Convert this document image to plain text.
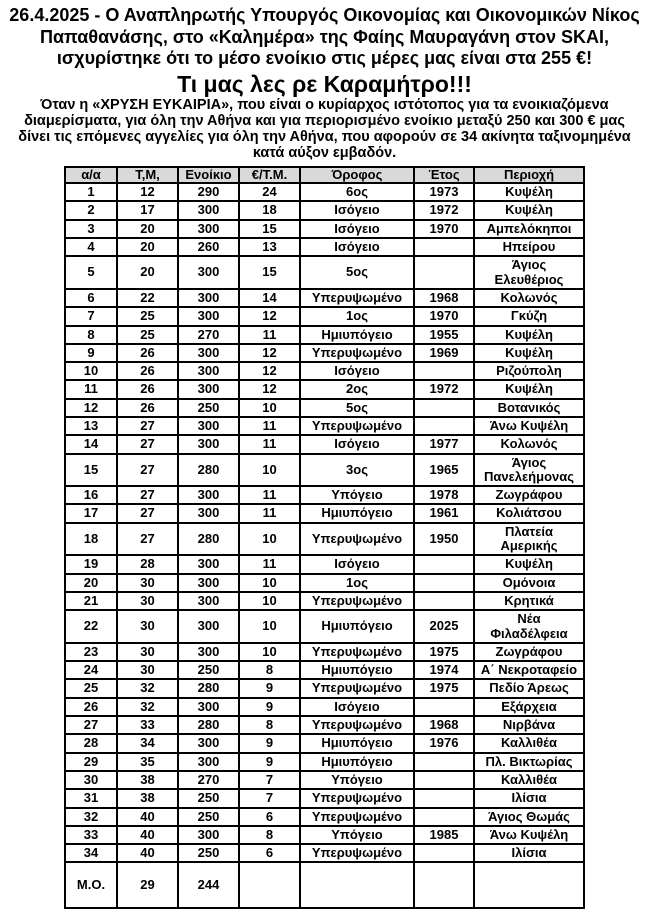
26.4.2025 - Ο Αναπληρωτής Υπουργός Οικονομίας και Οικονομικών Νίκος
Παπαθανάσης, στο «Καλημέρα» της Φαίης Μαυραγάνη στον SKAI,
ισχυρίστηκε ότι το μέσο ενοίκιο στις μέρες μας είναι στα 255 €!
Τι μας λες ρε Καραμήτρο!!!
Όταν η «ΧΡΥΣΗ ΕΥΚΑΙΡΙΑ», που είναι ο κυρίαρχος ιστότοπος για τα ενοικιαζόμενα
διαμερίσματα, για όλη την Αθήνα και για περιορισμένο ενοίκιο μεταξύ 250 και 300 € μας
δίνει τις επόμενες αγγελίες για όλη την Αθήνα, που αφορούν σε 34 ακίνητα ταξινομημένα
κατά αύξον εμβαδόν.
α/α	Τ,Μ,	Ενοίκιο	€/Τ.Μ.	Όροφος	Έτος	Περιοχή
1	12	290	24	6ος	1973	Κυψέλη
2	17	300	18	Ισόγειο	1972	Κυψέλη
3	20	300	15	Ισόγειο	1970	Αμπελόκηποι
4	20	260	13	Ισόγειο		Ηπείρου
5	20	300	15	5ος		Άγιος Ελευθέριος
6	22	300	14	Υπερυψωμένο	1968	Κολωνός
7	25	300	12	1ος	1970	Γκύζη
8	25	270	11	Ημιυπόγειο	1955	Κυψέλη
9	26	300	12	Υπερυψωμένο	1969	Κυψέλη
10	26	300	12	Ισόγειο		Ριζούπολη
11	26	300	12	2ος	1972	Κυψέλη
12	26	250	10	5ος		Βοτανικός
13	27	300	11	Υπερυψωμένο		Άνω Κυψέλη
14	27	300	11	Ισόγειο	1977	Κολωνός
15	27	280	10	3ος	1965	Άγιος Πανελεήμονας
16	27	300	11	Υπόγειο	1978	Ζωγράφου
17	27	300	11	Ημιυπόγειο	1961	Κολιάτσου
18	27	280	10	Υπερυψωμένο	1950	Πλατεία Αμερικής
19	28	300	11	Ισόγειο		Κυψέλη
20	30	300	10	1ος		Ομόνοια
21	30	300	10	Υπερυψωμένο		Κρητικά
22	30	300	10	Ημιυπόγειο	2025	Νέα Φιλαδέλφεια
23	30	300	10	Υπερυψωμένο	1975	Ζωγράφου
24	30	250	8	Ημιυπόγειο	1974	Α΄ Νεκροταφείο
25	32	280	9	Υπερυψωμένο	1975	Πεδίο Άρεως
26	32	300	9	Ισόγειο		Εξάρχεια
27	33	280	8	Υπερυψωμένο	1968	Νιρβάνα
28	34	300	9	Ημιυπόγειο	1976	Καλλιθέα
29	35	300	9	Ημιυπόγειο		Πλ. Βικτωρίας
30	38	270	7	Υπόγειο		Καλλιθέα
31	38	250	7	Υπερυψωμένο		Ιλίσια
32	40	250	6	Υπερυψωμένο		Άγιος Θωμάς
33	40	300	8	Υπόγειο	1985	Άνω Κυψέλη
34	40	250	6	Υπερυψωμένο		Ιλίσια
Μ.Ο.	29	244				
